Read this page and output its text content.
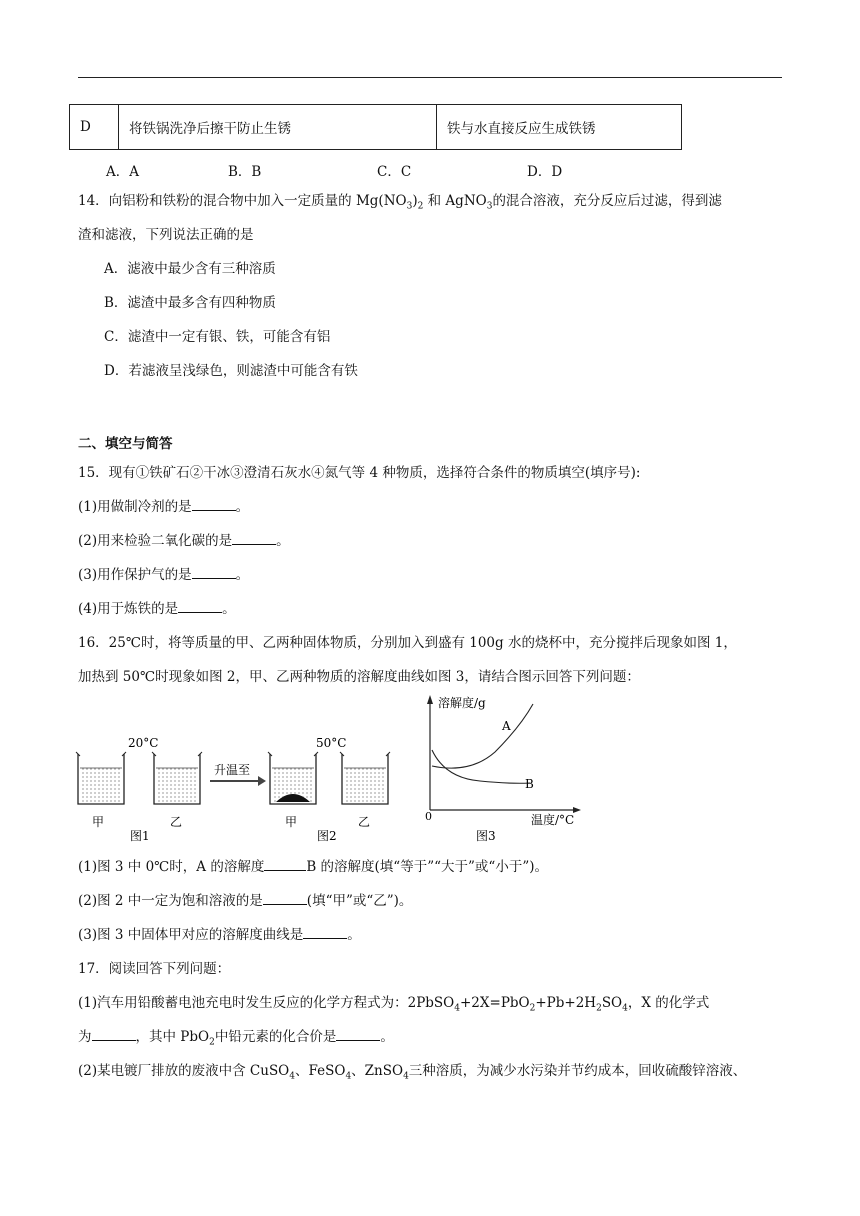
D	将铁锅洗净后擦干防止生锈	铁与水直接反应生成铁锈
A．A	B．B	C．C	D．D
14．向铝粉和铁粉的混合物中加入一定质量的 $Mg(NO_3)_2$ 和 AgNO$_3$的混合溶液，充分反应后过滤，得到滤
渣和滤液，下列说法正确的是
A．滤液中最少含有三种溶质
B．滤渣中最多含有四种物质
C．滤渣中一定有银、铁，可能含有铝
D．若滤液呈浅绿色，则滤渣中可能含有铁
二、填空与简答
15．现有①铁矿石②干冰③澄清石灰水④氮气等 4 种物质，选择符合条件的物质填空(填序号):
(1)用做制冷剂的是	。
(2)用来检验二氧化碳的是	。
(3)用作保护气的是	。
(4)用于炼铁的是	。
16．25℃时，将等质量的甲、乙两种固体物质，分别加入到盛有 100g 水的烧杯中，充分搅拌后现象如图 1，
加热到 50℃时现象如图 2，甲、乙两种物质的溶解度曲线如图 3，请结合图示回答下列问题：
20°C
甲	乙
升温至
50°C
甲	乙
溶解度/g
温度/°C
0
A
B
图1	图2	图3
(1)图 3 中 0℃时，A 的溶解度	B 的溶解度(填“等于”“大于”或“小于”)。
(2)图 2 中一定为饱和溶液的是	(填“甲”或“乙”)。
(3)图 3 中固体甲对应的溶解度曲线是	。
17．阅读回答下列问题：
(1)汽车用铅酸蓄电池充电时发生反应的化学方程式为：$2PbSO_4+2X=PbO_2+Pb+2H_2SO_4$，X 的化学式
为	，其中 PbO$_2$中铅元素的化合价是	。
(2)某电镀厂排放的废液中含 CuSO$_4$、FeSO$_4$、ZnSO$_4$三种溶质，为减少水污染并节约成本，回收硫酸锌溶液、
